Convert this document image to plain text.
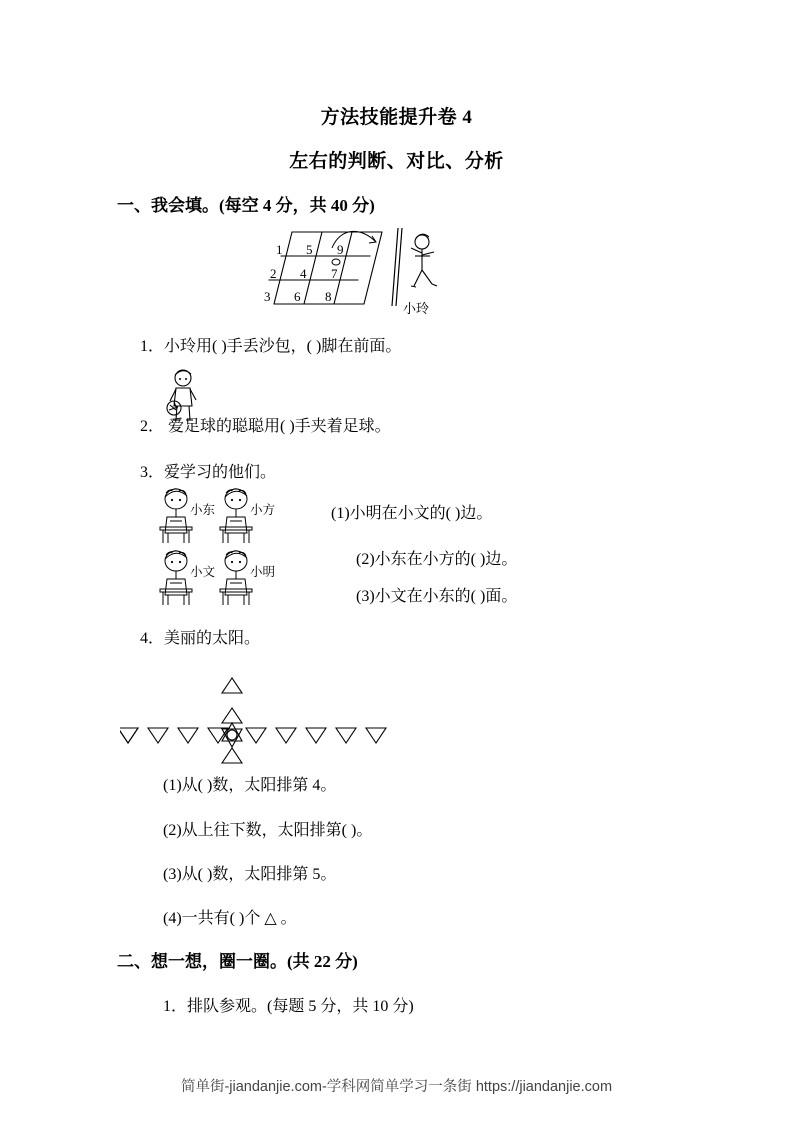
方法技能提升卷 4
左右的判断、对比、分析
一、我会填。(每空 4 分，共 40 分)
1 5 9
2 4 7
3 6 8
小玲
1．小玲用( )手丢沙包，( )脚在前面。
2． 爱足球的聪聪用( )手夹着足球。
3．爱学习的他们。
小东	小方
小文	小明
(1)小明在小文的( )边。
(2)小东在小方的( )边。
(3)小文在小东的( )面。
4．美丽的太阳。
(1)从( )数，太阳排第 4。
(2)从上往下数，太阳排第( )。
(3)从( )数，太阳排第 5。
(4)一共有( )个 △ 。
二、想一想，圈一圈。(共 22 分)
1．排队参观。(每题 5 分，共 10 分)
简单街-jiandanjie.com-学科网简单学习一条街 https://jiandanjie.com
